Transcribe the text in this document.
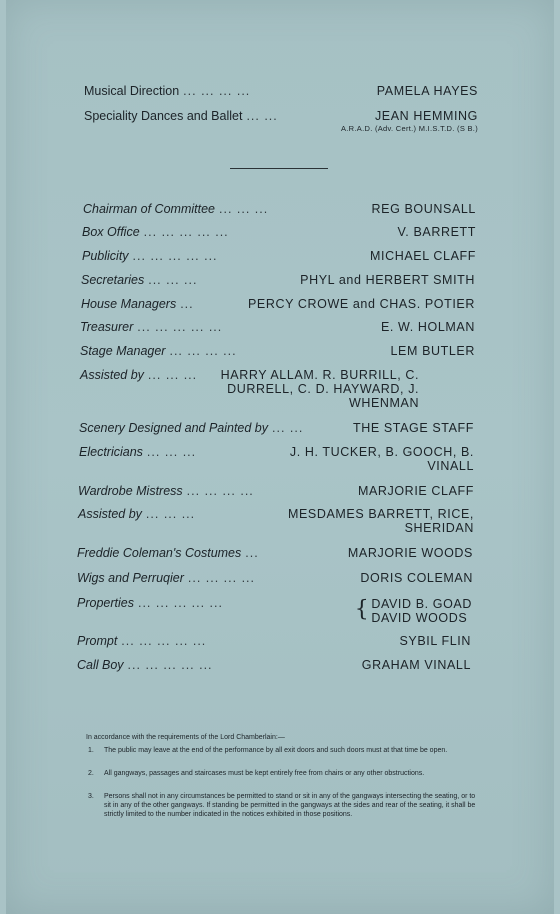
Musical Direction ... ... ... ...	PAMELA HAYES
Speciality Dances and Ballet ... ...	JEAN HEMMING
A.R.A.D. (Adv. Cert.) M.I.S.T.D. (S B.)
Chairman of Committee ... ... ...	REG BOUNSALL
Box Office ... ... ... ... ...	V. BARRETT
Publicity ... ... ... ... ...	MICHAEL CLAFF
Secretaries ... ... ...	PHYL and HERBERT SMITH
House Managers ...	PERCY CROWE and CHAS. POTIER
Treasurer ... ... ... ... ...	E. W. HOLMAN
Stage Manager ... ... ... ...	LEM BUTLER
Assisted by ... ... ...	HARRY ALLAM. R. BURRILL, C. DURRELL, C. D. HAYWARD, J. WHENMAN
Scenery Designed and Painted by ... ...	THE STAGE STAFF
Electricians ... ... ...	J. H. TUCKER, B. GOOCH, B. VINALL
Wardrobe Mistress ... ... ... ...	MARJORIE CLAFF
Assisted by ... ... ...	MESDAMES BARRETT, RICE, SHERIDAN
Freddie Coleman's Costumes ...	MARJORIE WOODS
Wigs and Perruqier ... ... ... ...	DORIS COLEMAN
Properties ... ... ... ... ...	{ DAVID B. GOAD
DAVID WOODS
Prompt ... ... ... ... ...	SYBIL FLIN
Call Boy ... ... ... ... ...	GRAHAM VINALL
In accordance with the requirements of the Lord Chamberlain:—
1. The public may leave at the end of the performance by all exit doors and such doors must at that time be open.
2. All gangways, passages and staircases must be kept entirely free from chairs or any other obstructions.
3. Persons shall not in any circumstances be permitted to stand or sit in any of the gangways intersecting the seating, or to sit in any of the other gangways. If standing be permitted in the gangways at the sides and rear of the seating, it shall be strictly limited to the number indicated in the notices exhibited in those positions.
